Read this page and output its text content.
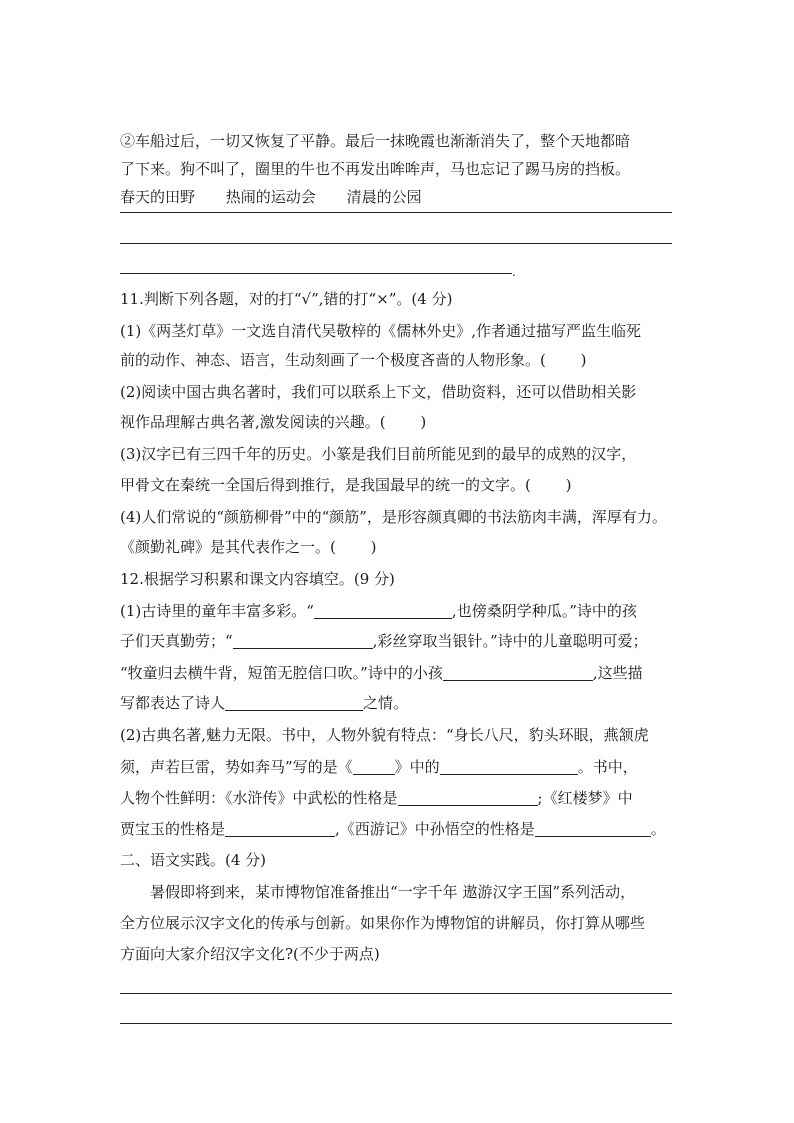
②车船过后，一切又恢复了平静。最后一抹晚霞也渐渐消失了，整个天地都暗
了下来。狗不叫了，圈里的牛也不再发出哞哞声，马也忘记了踢马房的挡板。
春天的田野 热闹的运动会 清晨的公园
.
11.判断下列各题，对的打“√”,错的打“×”。(4 分)
(1)《两茎灯草》一文选自清代吴敬梓的《儒林外史》,作者通过描写严监生临死
前的动作、神态、语言，生动刻画了一个极度吝啬的人物形象。(　　 )
(2)阅读中国古典名著时，我们可以联系上下文，借助资料，还可以借助相关影
视作品理解古典名著,激发阅读的兴趣。(　　 )
(3)汉字已有三四千年的历史。小篆是我们目前所能见到的最早的成熟的汉字，
甲骨文在秦统一全国后得到推行，是我国最早的统一的文字。(　　 )
(4)人们常说的“颜筋柳骨”中的“颜筋”，是形容颜真卿的书法筋肉丰满，浑厚有力。
《颜勤礼碑》是其代表作之一。(　　 )
12.根据学习积累和课文内容填空。(9 分)
(1)古诗里的童年丰富多彩。“	,也傍桑阴学种瓜。”诗中的孩
子们天真勤劳；“	,彩丝穿取当银针。”诗中的儿童聪明可爱；
“牧童归去横牛背，短笛无腔信口吹。”诗中的小孩	,这些描
写都表达了诗人	之情。
(2)古典名著,魅力无限。书中，人物外貌有特点：“身长八尺，豹头环眼，燕颔虎
须，声若巨雷，势如奔马”写的是《	》中的	。书中，
人物个性鲜明：《水浒传》中武松的性格是	;《红楼梦》中
贾宝玉的性格是	,《西游记》中孙悟空的性格是	。
二、语文实践。(4 分)
暑假即将到来，某市博物馆准备推出“一字千年 遨游汉字王国”系列活动，
全方位展示汉字文化的传承与创新。如果你作为博物馆的讲解员，你打算从哪些
方面向大家介绍汉字文化?(不少于两点)
